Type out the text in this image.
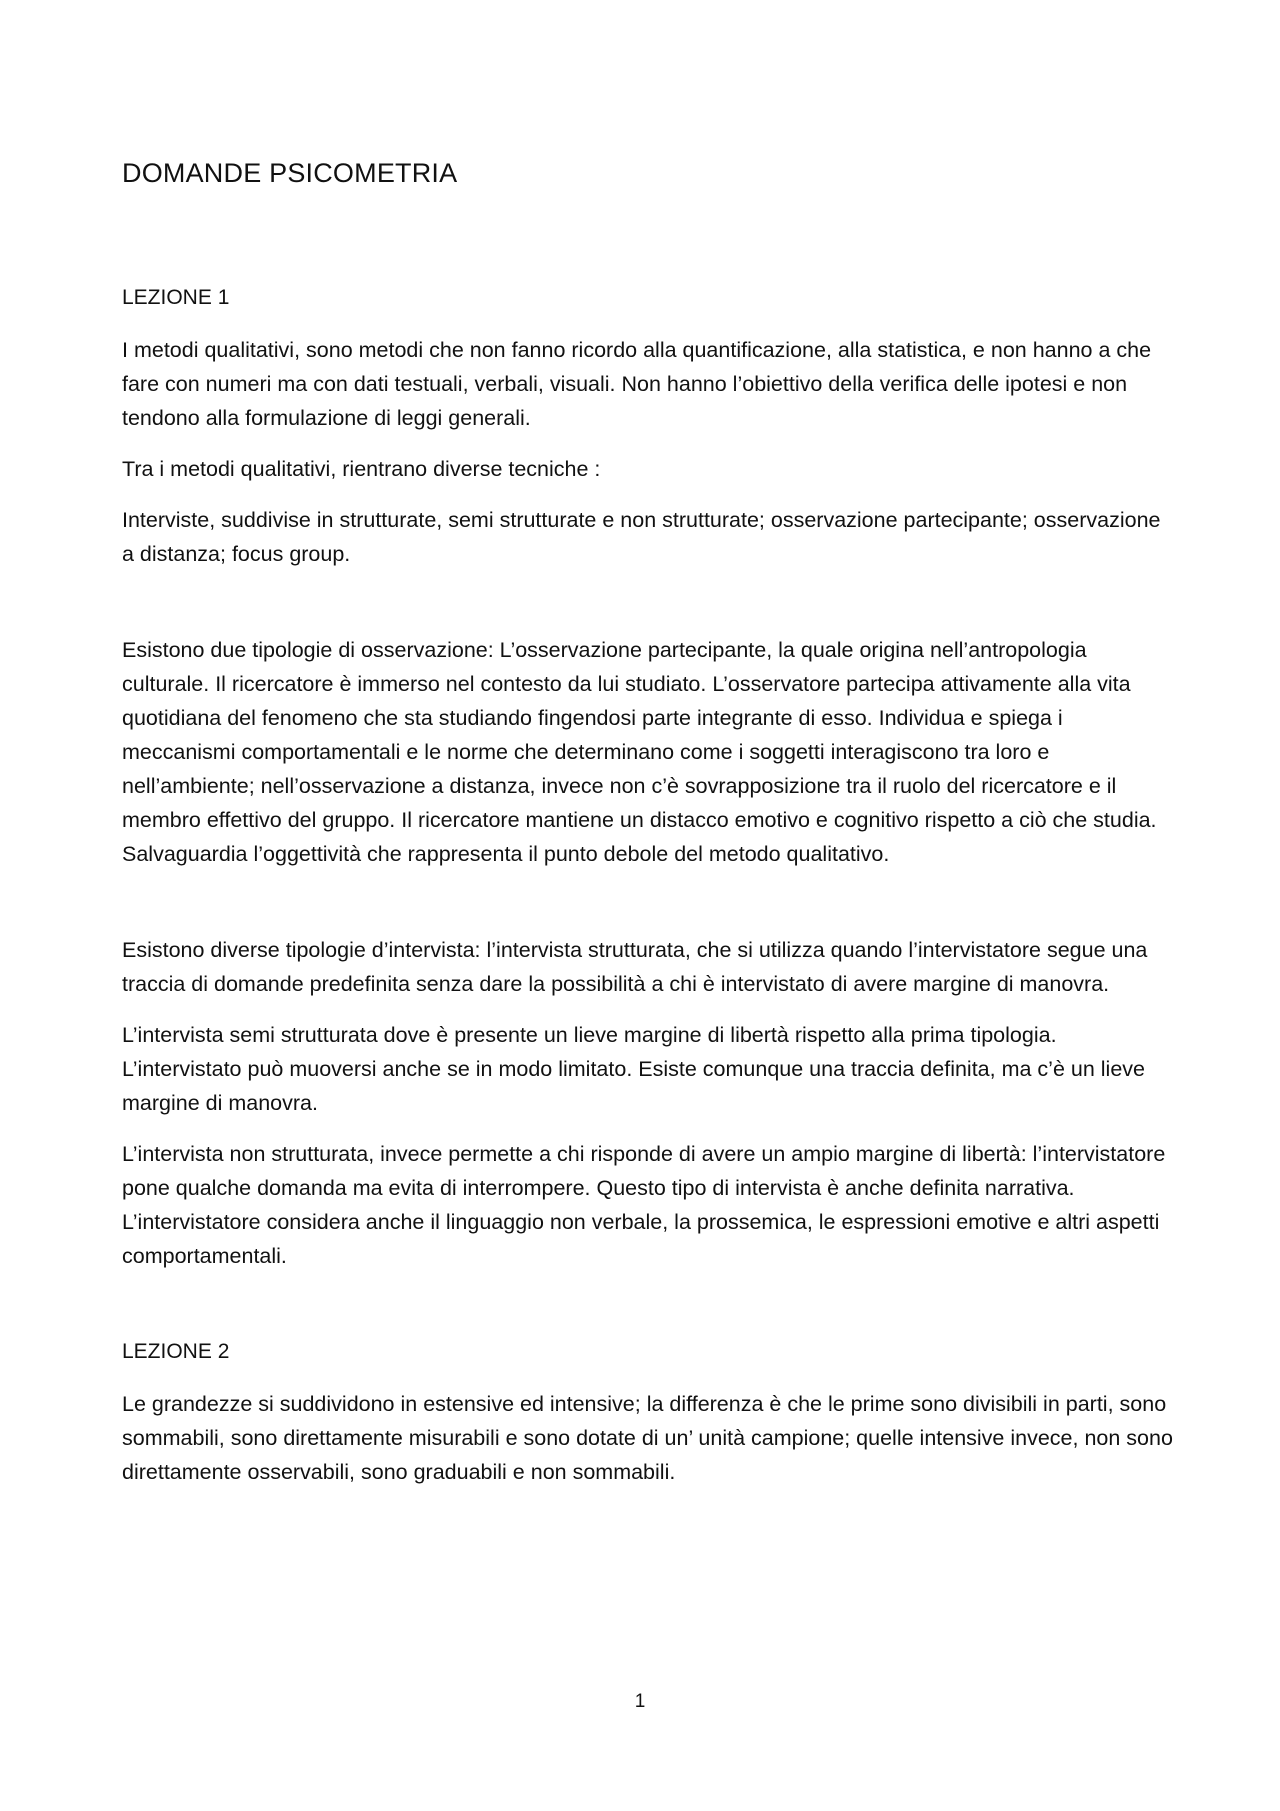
DOMANDE PSICOMETRIA
LEZIONE 1

I metodi qualitativi, sono metodi che non fanno ricordo alla quantificazione, alla statistica, e non hanno a che fare con numeri ma con dati testuali, verbali, visuali. Non hanno l’obiettivo della verifica delle ipotesi e non tendono alla formulazione di leggi generali.

Tra i metodi qualitativi, rientrano diverse tecniche :

Interviste, suddivise in strutturate, semi strutturate e non strutturate; osservazione partecipante; osservazione a distanza; focus group.

Esistono due tipologie di osservazione: L’osservazione partecipante, la quale origina nell’antropologia culturale. Il ricercatore è immerso nel contesto da lui studiato. L’osservatore partecipa attivamente alla vita quotidiana del fenomeno che sta studiando fingendosi parte integrante di esso. Individua e spiega i meccanismi comportamentali e le norme che determinano come i soggetti interagiscono tra loro e nell’ambiente; nell’osservazione a distanza, invece non c’è sovrapposizione tra il ruolo del ricercatore e il membro effettivo del gruppo. Il ricercatore mantiene un distacco emotivo e cognitivo rispetto a ciò che studia. Salvaguardia l’oggettività che rappresenta il punto debole del metodo qualitativo.

Esistono diverse tipologie d’intervista: l’intervista strutturata, che si utilizza quando l’intervistatore segue una traccia di domande predefinita senza dare la possibilità a chi è intervistato di avere margine di manovra.

L’intervista semi strutturata dove è presente un lieve margine di libertà rispetto alla prima tipologia. L’intervistato può muoversi anche se in modo limitato. Esiste comunque una traccia definita, ma c’è un lieve margine di manovra.

L’intervista non strutturata, invece permette a chi risponde di avere un ampio margine di libertà: l’intervistatore pone qualche domanda ma evita di interrompere. Questo tipo di intervista è anche definita narrativa. L’intervistatore considera anche il linguaggio non verbale, la prossemica, le espressioni emotive e altri aspetti comportamentali.

LEZIONE 2

Le grandezze si suddividono in estensive ed intensive; la differenza è che le prime sono divisibili in parti, sono sommabili, sono direttamente misurabili e sono dotate di un’ unità campione; quelle intensive invece, non sono direttamente osservabili, sono graduabili e non sommabili.

1
